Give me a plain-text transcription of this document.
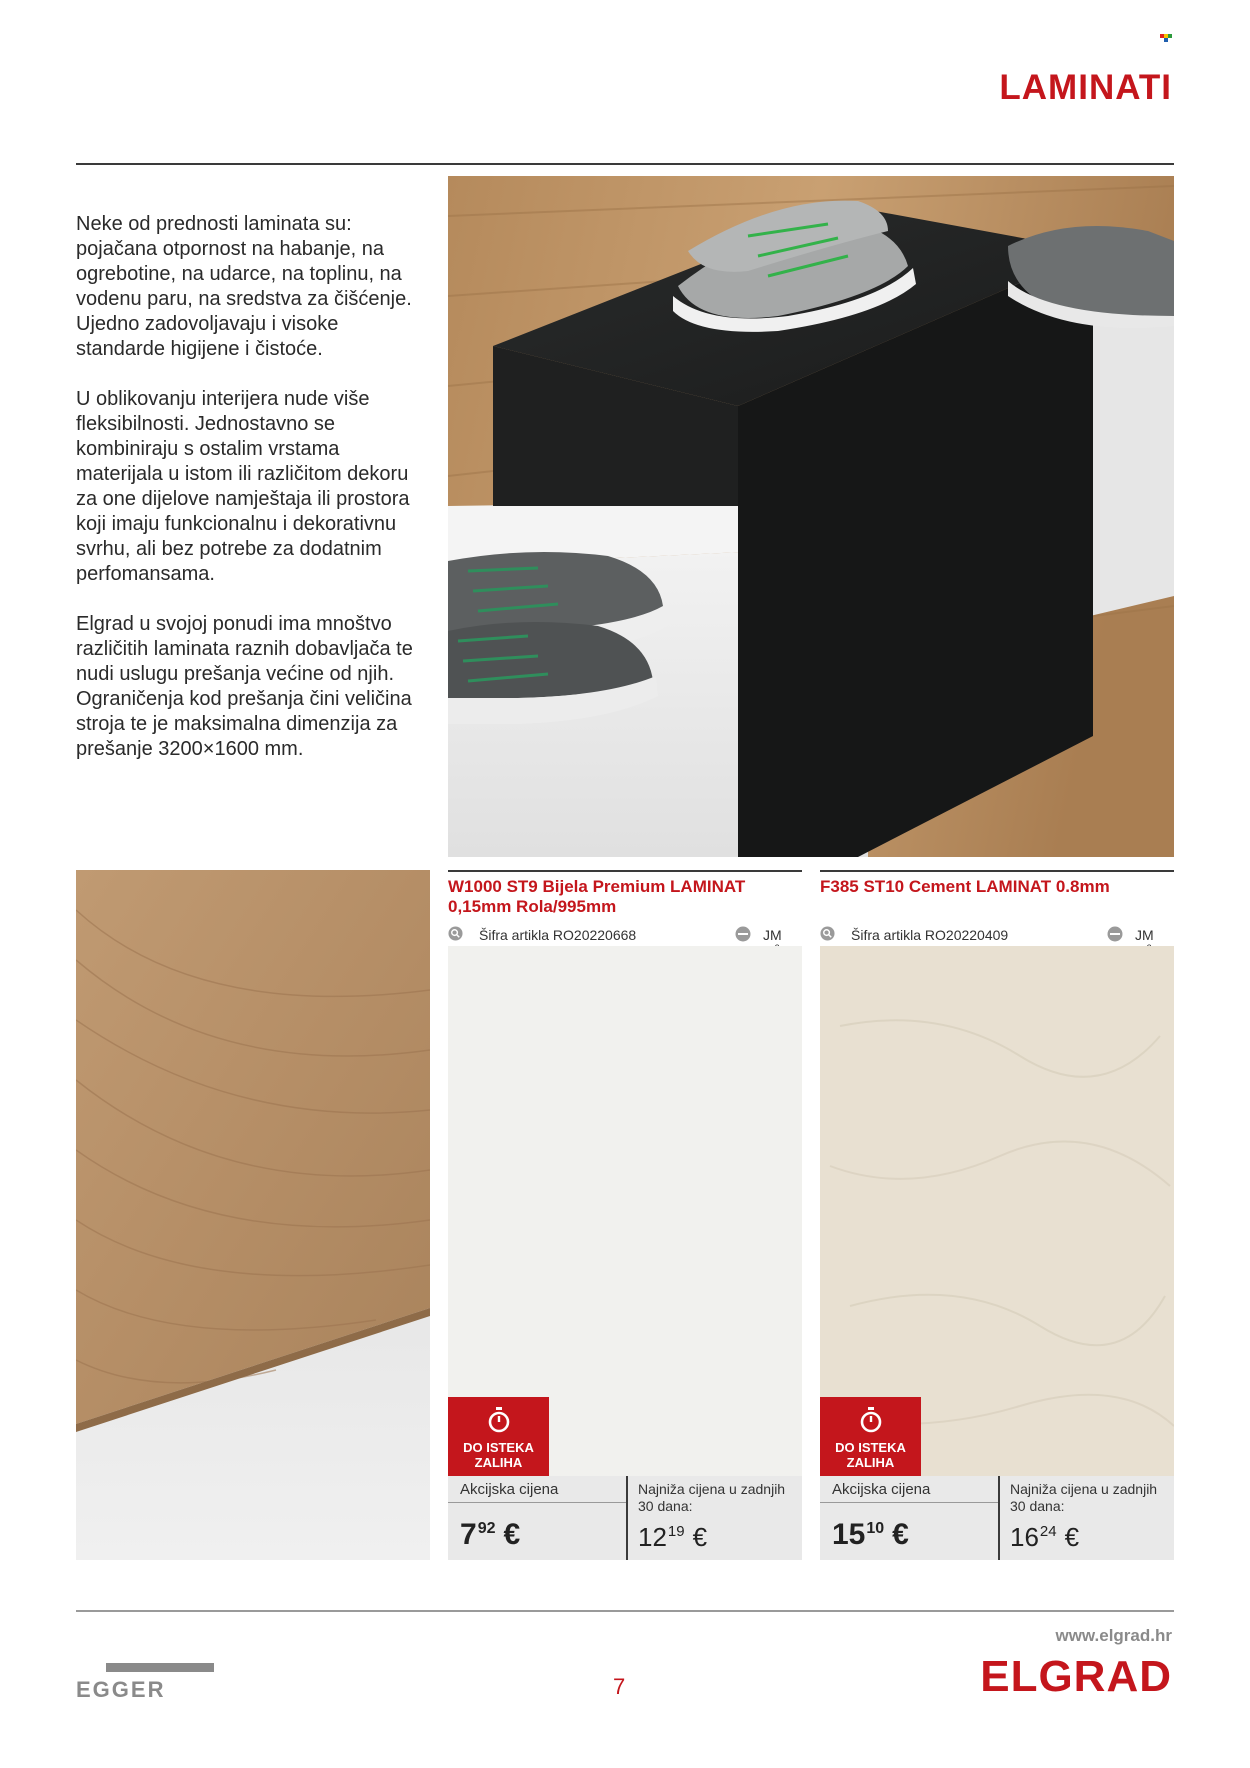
LAMINATI

Neke od prednosti laminata su: pojačana otpornost na habanje, na ogrebotine, na udarce, na toplinu, na vodenu paru, na sredstva za čišćenje. Ujedno zadovoljavaju i visoke standarde higijene i čistoće.

U oblikovanju interijera nude više fleksibilnosti. Jednostavno se kombiniraju s ostalim vrstama materijala u istom ili različitom dekoru za one dijelove namještaja ili prostora koji imaju funkcionalnu i dekorativnu svrhu, ali bez potrebe za dodatnim perfomansama.

Elgrad u svojoj ponudi ima mnoštvo različitih laminata raznih dobavljača te nudi uslugu prešanja većine od njih. Ograničenja kod prešanja čini veličina stroja te je maksimalna dimenzija za prešanje 3200×1600 mm.

W1000 ST9 Bijela Premium LAMINAT 0,15mm Rola/995mm
Šifra artikla RO20220668	JM
DO ISTEKA
ZALIHA
Akcijska cijena
$7^{92}$ €
Najniža cijena u zadnjih 30 dana:
$12^{19}$ €
F385 ST10 Cement LAMINAT 0.8mm
Šifra artikla RO20220409	JM
DO ISTEKA
ZALIHA
Akcijska cijena
$15^{10}$ €
Najniža cijena u zadnjih 30 dana:
$16^{24}$ €
EGGER	7
www.elgrad.hr
ELGRAD
